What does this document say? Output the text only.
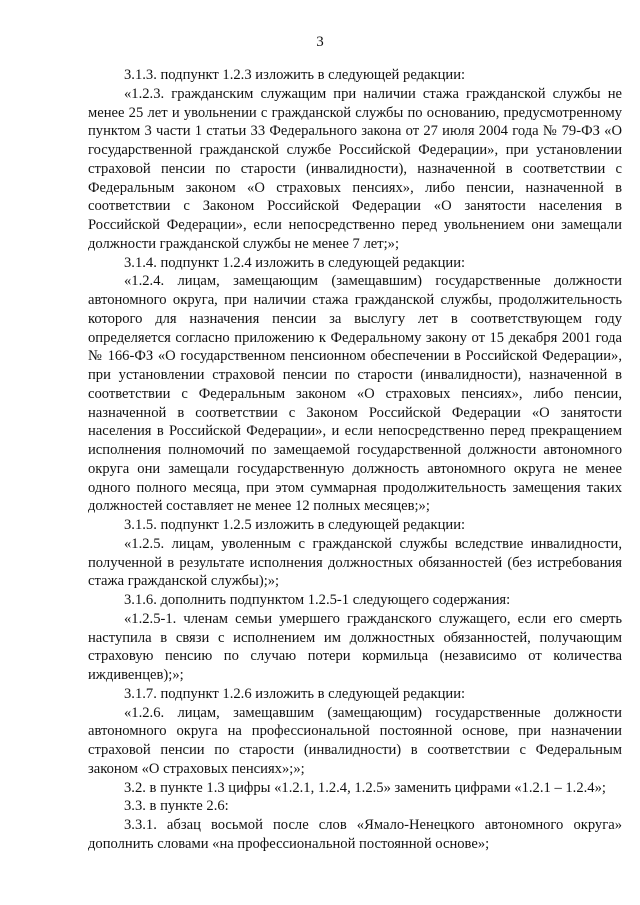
3

3.1.3. подпункт 1.2.3 изложить в следующей редакции:

«1.2.3. гражданским служащим при наличии стажа гражданской службы не менее 25 лет и увольнении с гражданской службы по основанию, предусмотренному пунктом 3 части 1 статьи 33 Федерального закона от 27 июля 2004 года № 79-ФЗ «О государственной гражданской службе Российской Федерации», при установлении страховой пенсии по старости (инвалидности), назначенной в соответствии с Федеральным законом «О страховых пенсиях», либо пенсии, назначенной в соответствии с Законом Российской Федерации «О занятости населения в Российской Федерации», если непосредственно перед увольнением они замещали должности гражданской службы не менее 7 лет;»;

3.1.4. подпункт 1.2.4 изложить в следующей редакции:

«1.2.4. лицам, замещающим (замещавшим) государственные должности автономного округа, при наличии стажа гражданской службы, продолжительность которого для назначения пенсии за выслугу лет в соответствующем году определяется согласно приложению к Федеральному закону от 15 декабря 2001 года № 166-ФЗ «О государственном пенсионном обеспечении в Российской Федерации», при установлении страховой пенсии по старости (инвалидности), назначенной в соответствии с Федеральным законом «О страховых пенсиях», либо пенсии, назначенной в соответствии с Законом Российской Федерации «О занятости населения в Российской Федерации», и если непосредственно перед прекращением исполнения полномочий по замещаемой государственной должности автономного округа они замещали государственную должность автономного округа не менее одного полного месяца, при этом суммарная продолжительность замещения таких должностей составляет не менее 12 полных месяцев;»;

3.1.5. подпункт 1.2.5 изложить в следующей редакции:

«1.2.5. лицам, уволенным с гражданской службы вследствие инвалидности, полученной в результате исполнения должностных обязанностей (без истребования стажа гражданской службы);»;

3.1.6. дополнить подпунктом 1.2.5-1 следующего содержания:

«1.2.5-1. членам семьи умершего гражданского служащего, если его смерть наступила в связи с исполнением им должностных обязанностей, получающим страховую пенсию по случаю потери кормильца (независимо от количества иждивенцев);»;

3.1.7. подпункт 1.2.6 изложить в следующей редакции:

«1.2.6. лицам, замещавшим (замещающим) государственные должности автономного округа на профессиональной постоянной основе, при назначении страховой пенсии по старости (инвалидности) в соответствии с Федеральным законом «О страховых пенсиях»;»;

3.2. в пункте 1.3 цифры «1.2.1, 1.2.4, 1.2.5» заменить цифрами «1.2.1 – 1.2.4»;

3.3. в пункте 2.6:

3.3.1. абзац восьмой после слов «Ямало-Ненецкого автономного округа» дополнить словами «на профессиональной постоянной основе»;
